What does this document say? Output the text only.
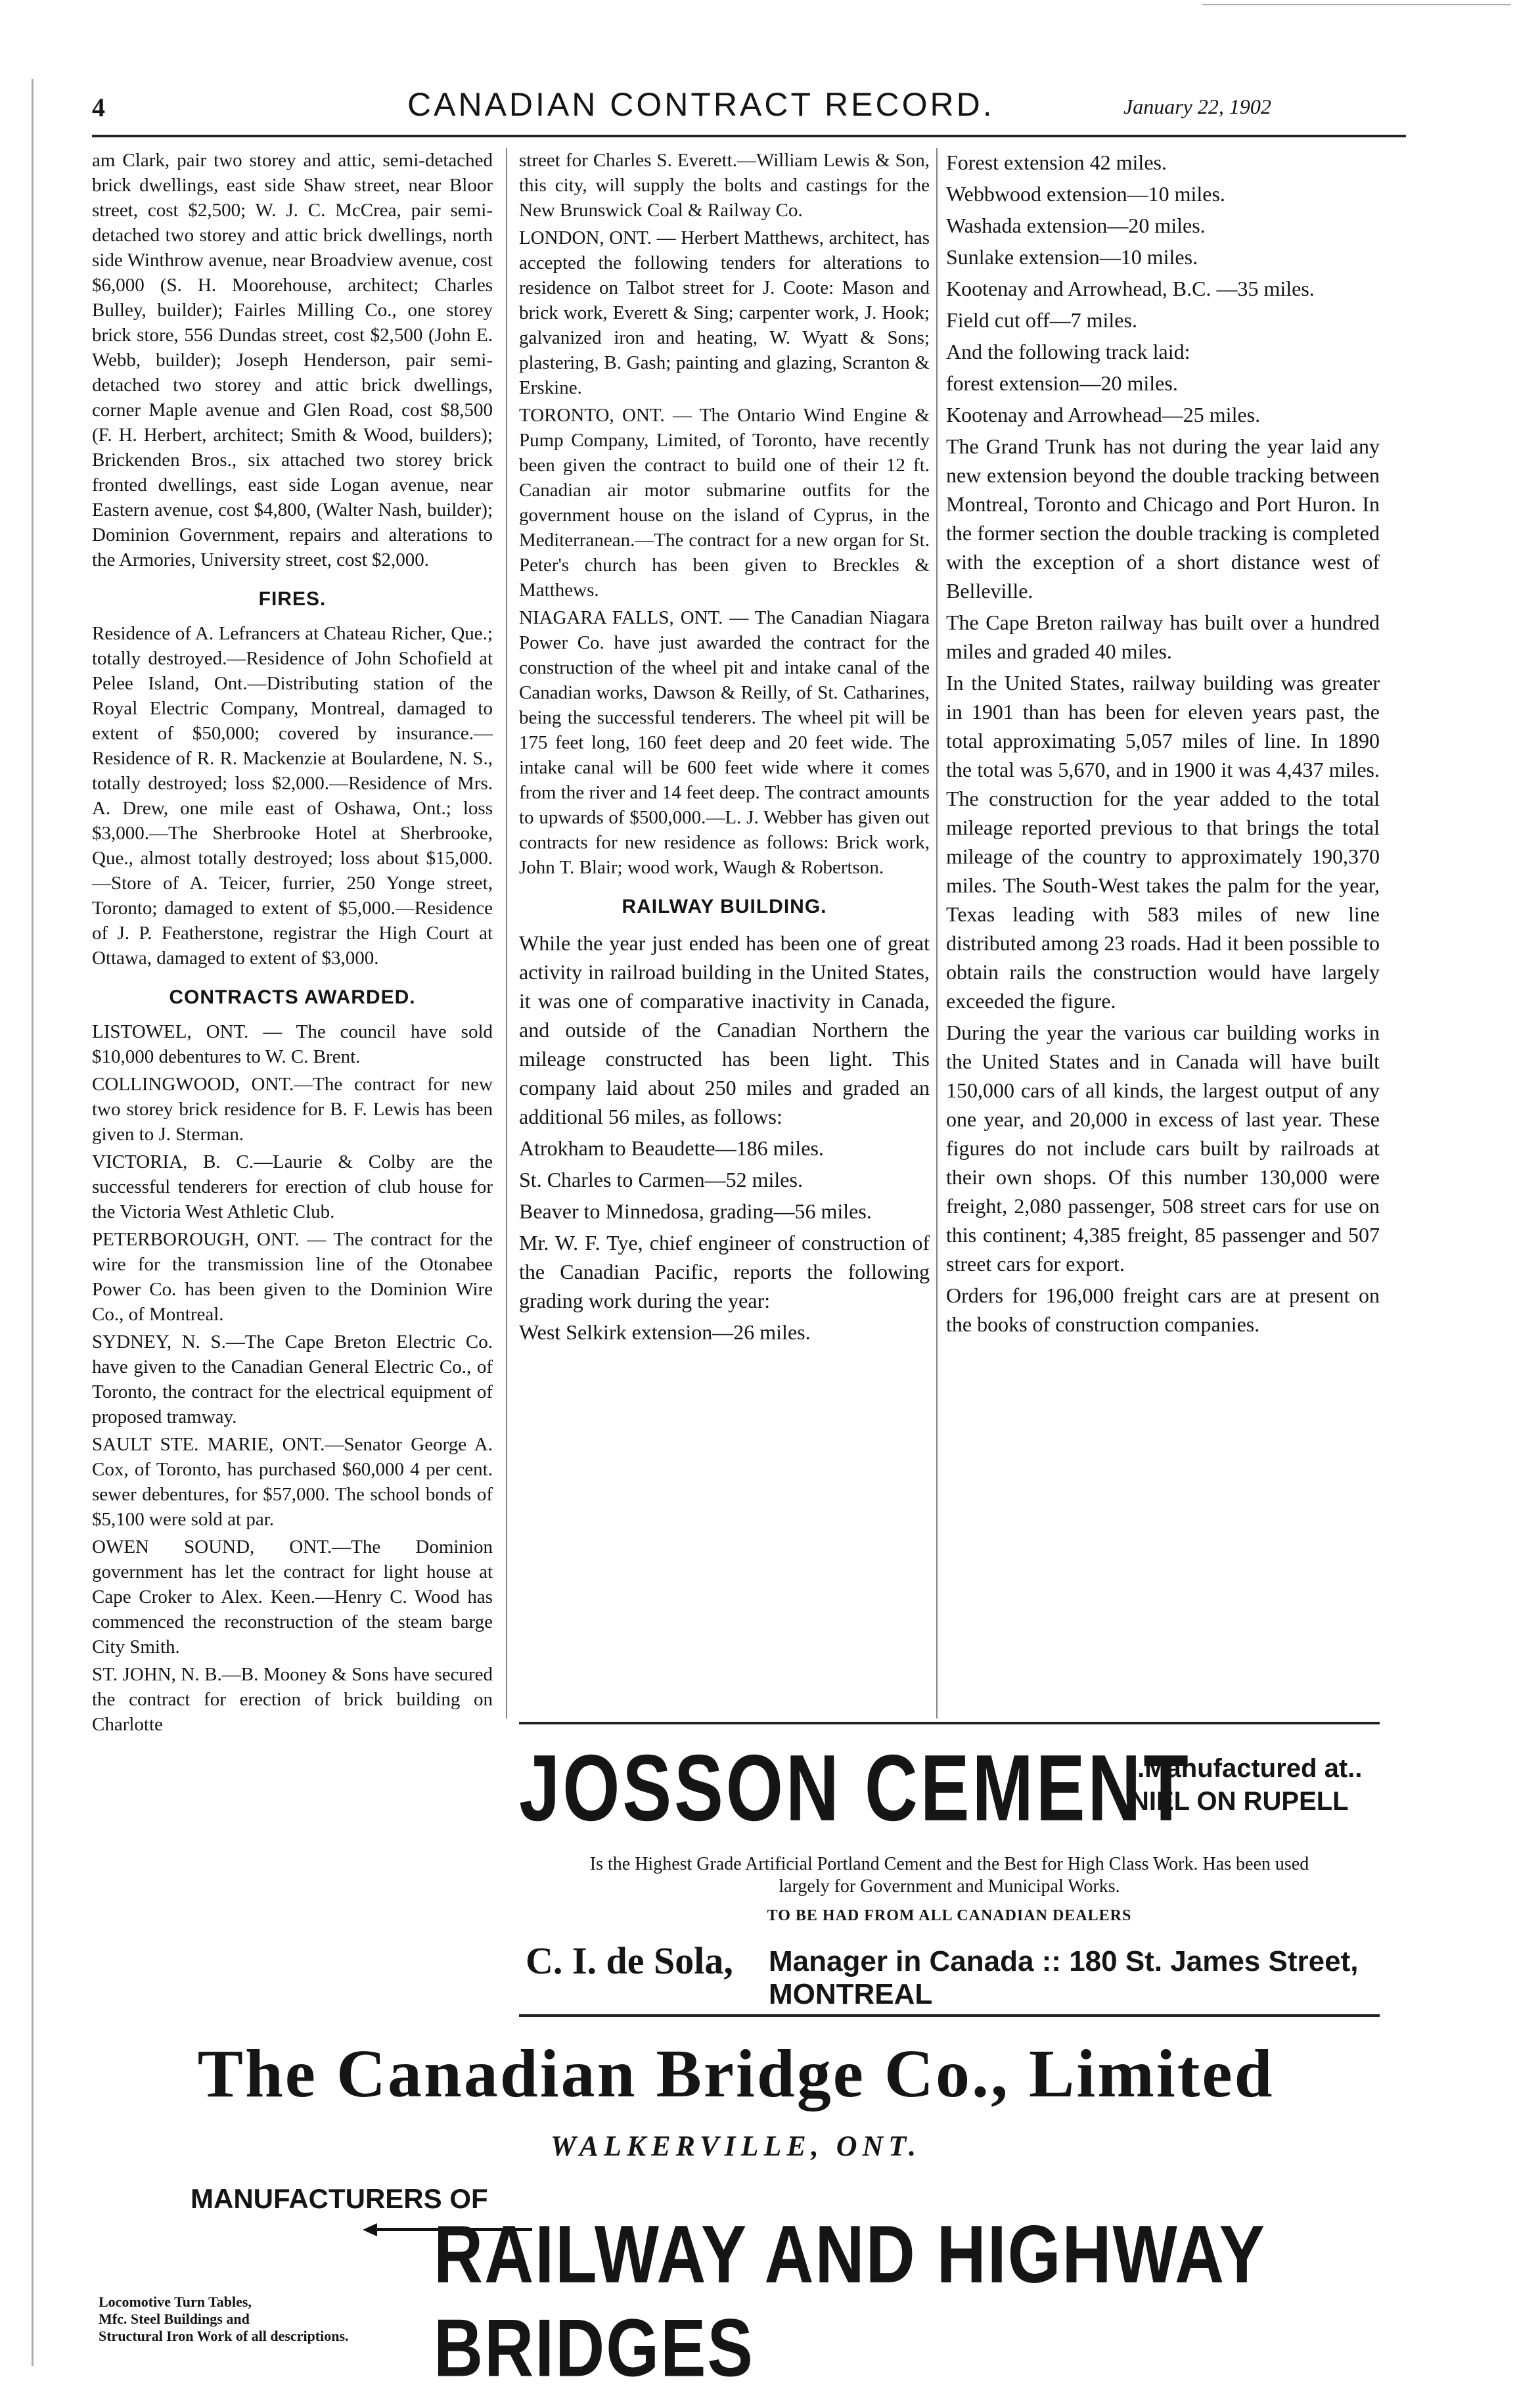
4	CANADIAN CONTRACT RECORD.	January 22, 1902

am Clark, pair two storey and attic, semi-detached brick dwellings, east side Shaw street, near Bloor street, cost $2,500; W. J. C. McCrea, pair semi-detached two storey and attic brick dwellings, north side Winthrow avenue, near Broadview avenue, cost $6,000 (S. H. Moorehouse, architect; Charles Bulley, builder); Fairles Milling Co., one storey brick store, 556 Dundas street, cost $2,500 (John E. Webb, builder); Joseph Henderson, pair semi-detached two storey and attic brick dwellings, corner Maple avenue and Glen Road, cost $8,500 (F. H. Herbert, architect; Smith & Wood, builders); Brickenden Bros., six attached two storey brick fronted dwellings, east side Logan avenue, near Eastern avenue, cost $4,800, (Walter Nash, builder); Dominion Government, repairs and alterations to the Armories, University street, cost $2,000.

FIRES.

Residence of A. Lefrancers at Chateau Richer, Que.; totally destroyed.—Residence of John Schofield at Pelee Island, Ont.—Distributing station of the Royal Electric Company, Montreal, damaged to extent of $50,000; covered by insurance.—Residence of R. R. Mackenzie at Boulardene, N. S., totally destroyed; loss $2,000.—Residence of Mrs. A. Drew, one mile east of Oshawa, Ont.; loss $3,000.—The Sherbrooke Hotel at Sherbrooke, Que., almost totally destroyed; loss about $15,000.—Store of A. Teicer, furrier, 250 Yonge street, Toronto; damaged to extent of $5,000.—Residence of J. P. Featherstone, registrar the High Court at Ottawa, damaged to extent of $3,000.

CONTRACTS AWARDED.

LISTOWEL, ONT. — The council have sold $10,000 debentures to W. C. Brent.

COLLINGWOOD, ONT.—The contract for new two storey brick residence for B. F. Lewis has been given to J. Sterman.

VICTORIA, B. C.—Laurie & Colby are the successful tenderers for erection of club house for the Victoria West Athletic Club.

PETERBOROUGH, ONT. — The contract for the wire for the transmission line of the Otonabee Power Co. has been given to the Dominion Wire Co., of Montreal.

SYDNEY, N. S.—The Cape Breton Electric Co. have given to the Canadian General Electric Co., of Toronto, the contract for the electrical equipment of proposed tramway.

SAULT STE. MARIE, ONT.—Senator George A. Cox, of Toronto, has purchased $60,000 4 per cent. sewer debentures, for $57,000. The school bonds of $5,100 were sold at par.

OWEN SOUND, ONT.—The Dominion government has let the contract for light house at Cape Croker to Alex. Keen.—Henry C. Wood has commenced the reconstruction of the steam barge City Smith.

ST. JOHN, N. B.—B. Mooney & Sons have secured the contract for erection of brick building on Charlotte

street for Charles S. Everett.—William Lewis & Son, this city, will supply the bolts and castings for the New Brunswick Coal & Railway Co.

LONDON, ONT. — Herbert Matthews, architect, has accepted the following tenders for alterations to residence on Talbot street for J. Coote: Mason and brick work, Everett & Sing; carpenter work, J. Hook; galvanized iron and heating, W. Wyatt & Sons; plastering, B. Gash; painting and glazing, Scranton & Erskine.

TORONTO, ONT. — The Ontario Wind Engine & Pump Company, Limited, of Toronto, have recently been given the contract to build one of their 12 ft. Canadian air motor submarine outfits for the government house on the island of Cyprus, in the Mediterranean.—The contract for a new organ for St. Peter's church has been given to Breckles & Matthews.

NIAGARA FALLS, ONT. — The Canadian Niagara Power Co. have just awarded the contract for the construction of the wheel pit and intake canal of the Canadian works, Dawson & Reilly, of St. Catharines, being the successful tenderers. The wheel pit will be 175 feet long, 160 feet deep and 20 feet wide. The intake canal will be 600 feet wide where it comes from the river and 14 feet deep. The contract amounts to upwards of $500,000.—L. J. Webber has given out contracts for new residence as follows: Brick work, John T. Blair; wood work, Waugh & Robertson.

RAILWAY BUILDING.

While the year just ended has been one of great activity in railroad building in the United States, it was one of comparative inactivity in Canada, and outside of the Canadian Northern the mileage constructed has been light. This company laid about 250 miles and graded an additional 56 miles, as follows:

Atrokham to Beaudette—186 miles.

St. Charles to Carmen—52 miles.

Beaver to Minnedosa, grading—56 miles.

Mr. W. F. Tye, chief engineer of construction of the Canadian Pacific, reports the following grading work during the year:

West Selkirk extension—26 miles.

Forest extension 42 miles.

Webbwood extension—10 miles.

Washada extension—20 miles.

Sunlake extension—10 miles.

Kootenay and Arrowhead, B.C. —35 miles.

Field cut off—7 miles.

And the following track laid:

forest extension—20 miles.

Kootenay and Arrowhead—25 miles.

The Grand Trunk has not during the year laid any new extension beyond the double tracking between Montreal, Toronto and Chicago and Port Huron. In the former section the double tracking is completed with the exception of a short distance west of Belleville.

The Cape Breton railway has built over a hundred miles and graded 40 miles.

In the United States, railway building was greater in 1901 than has been for eleven years past, the total approximating 5,057 miles of line. In 1890 the total was 5,670, and in 1900 it was 4,437 miles. The construction for the year added to the total mileage reported previous to that brings the total mileage of the country to approximately 190,370 miles. The South-West takes the palm for the year, Texas leading with 583 miles of new line distributed among 23 roads. Had it been possible to obtain rails the construction would have largely exceeded the figure.

During the year the various car building works in the United States and in Canada will have built 150,000 cars of all kinds, the largest output of any one year, and 20,000 in excess of last year. These figures do not include cars built by railroads at their own shops. Of this number 130,000 were freight, 2,080 passenger, 508 street cars for use on this continent; 4,385 freight, 85 passenger and 507 street cars for export.

Orders for 196,000 freight cars are at present on the books of construction companies.

JOSSON CEMENT
..Manufactured at.. NIEL ON RUPELL
Is the Highest Grade Artificial Portland Cement and the Best for High Class Work. Has been used largely for Government and Municipal Works.
TO BE HAD FROM ALL CANADIAN DEALERS
C. I. de Sola, Manager in Canada :: 180 St. James Street, MONTREAL
The Canadian Bridge Co., Limited
WALKERVILLE, ONT.
MANUFACTURERS OF
RAILWAY AND HIGHWAY BRIDGES
Locomotive Turn Tables,
Mfc. Steel Buildings and
Structural Iron Work of all descriptions.
